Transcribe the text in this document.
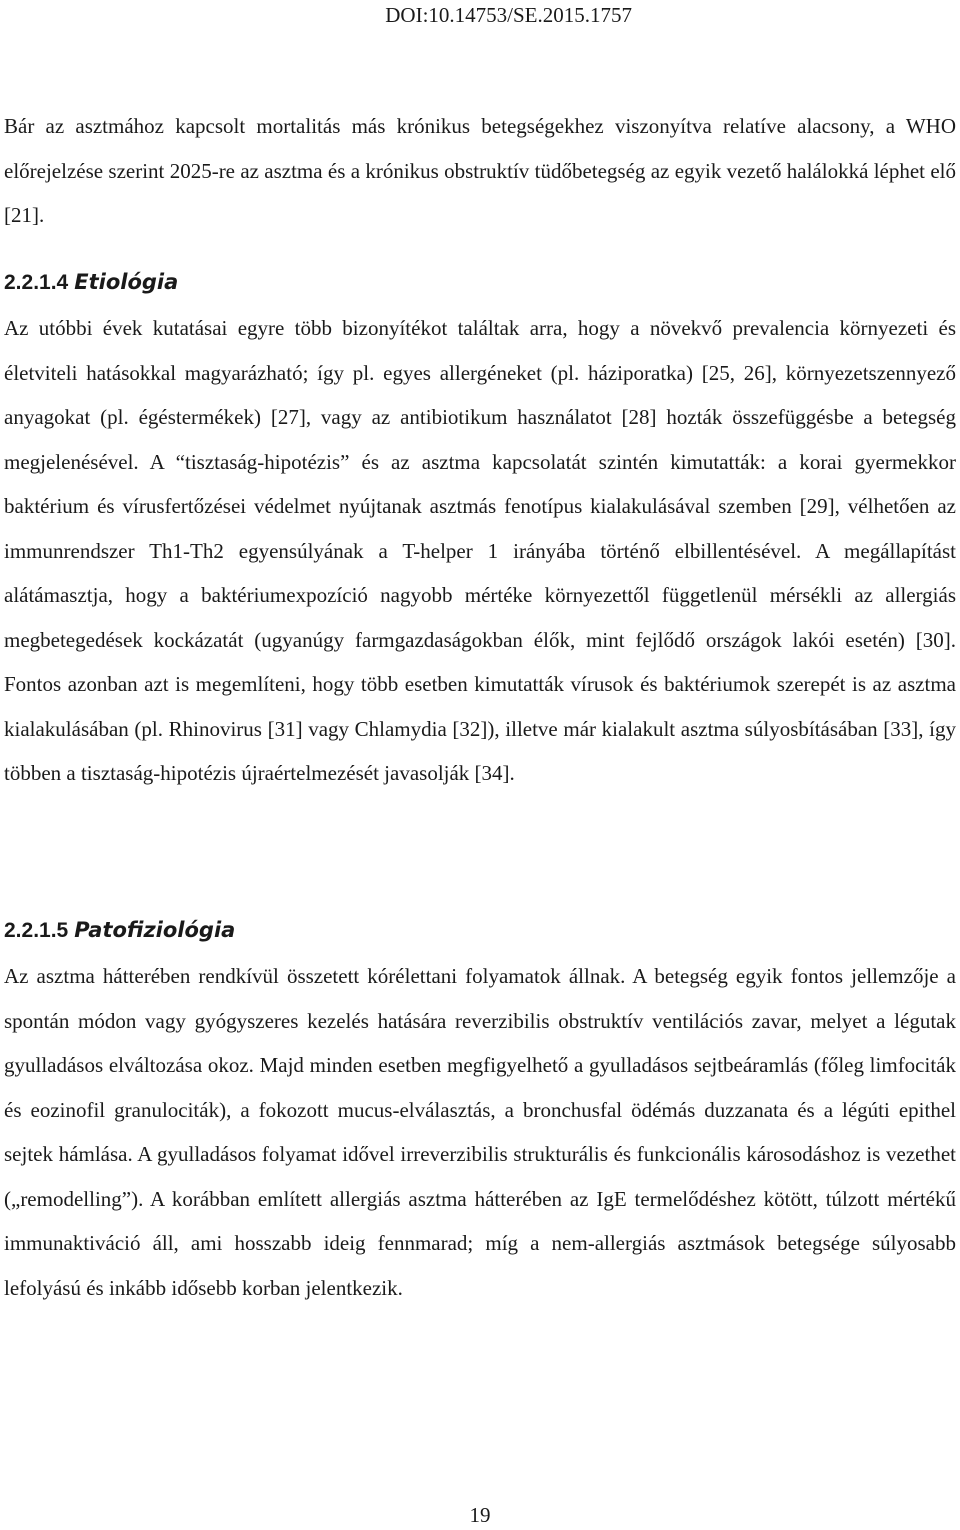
DOI:10.14753/SE.2015.1757

Bár az asztmához kapcsolt mortalitás más krónikus betegségekhez viszonyítva relatíve alacsony, a WHO előrejelzése szerint 2025-re az asztma és a krónikus obstruktív tüdőbetegség az egyik vezető halálokká léphet elő [21].

2.2.1.4 Etiológia

Az utóbbi évek kutatásai egyre több bizonyítékot találtak arra, hogy a növekvő prevalencia környezeti és életviteli hatásokkal magyarázható; így pl. egyes allergéneket (pl. háziporatka) [25, 26], környezetszennyező anyagokat (pl. égéstermékek) [27], vagy az antibiotikum használatot [28] hozták összefüggésbe a betegség megjelenésével. A “tisztaság-hipotézis” és az asztma kapcsolatát szintén kimutatták: a korai gyermekkor baktérium és vírusfertőzései védelmet nyújtanak asztmás fenotípus kialakulásával szemben [29], vélhetően az immunrendszer Th1-Th2 egyensúlyának a T-helper 1 irányába történő elbillentésével. A megállapítást alátámasztja, hogy a baktériumexpozíció nagyobb mértéke környezettől függetlenül mérsékli az allergiás megbetegedések kockázatát (ugyanúgy farmgazdaságokban élők, mint fejlődő országok lakói esetén) [30]. Fontos azonban azt is megemlíteni, hogy több esetben kimutatták vírusok és baktériumok szerepét is az asztma kialakulásában (pl. Rhinovirus [31] vagy Chlamydia [32]), illetve már kialakult asztma súlyosbításában [33], így többen a tisztaság-hipotézis újraértelmezését javasolják [34].

2.2.1.5 Patofiziológia

Az asztma hátterében rendkívül összetett kórélettani folyamatok állnak. A betegség egyik fontos jellemzője a spontán módon vagy gyógyszeres kezelés hatására reverzibilis obstruktív ventilációs zavar, melyet a légutak gyulladásos elváltozása okoz. Majd minden esetben megfigyelhető a gyulladásos sejtbeáramlás (főleg limfociták és eozinofil granulociták), a fokozott mucus-elválasztás, a bronchusfal ödémás duzzanata és a légúti epithel sejtek hámlása. A gyulladásos folyamat idővel irreverzibilis strukturális és funkcionális károsodáshoz is vezethet („remodelling”). A korábban említett allergiás asztma hátterében az IgE termelődéshez kötött, túlzott mértékű immunaktiváció áll, ami hosszabb ideig fennmarad; míg a nem-allergiás asztmások betegsége súlyosabb lefolyású és inkább idősebb korban jelentkezik.

19
